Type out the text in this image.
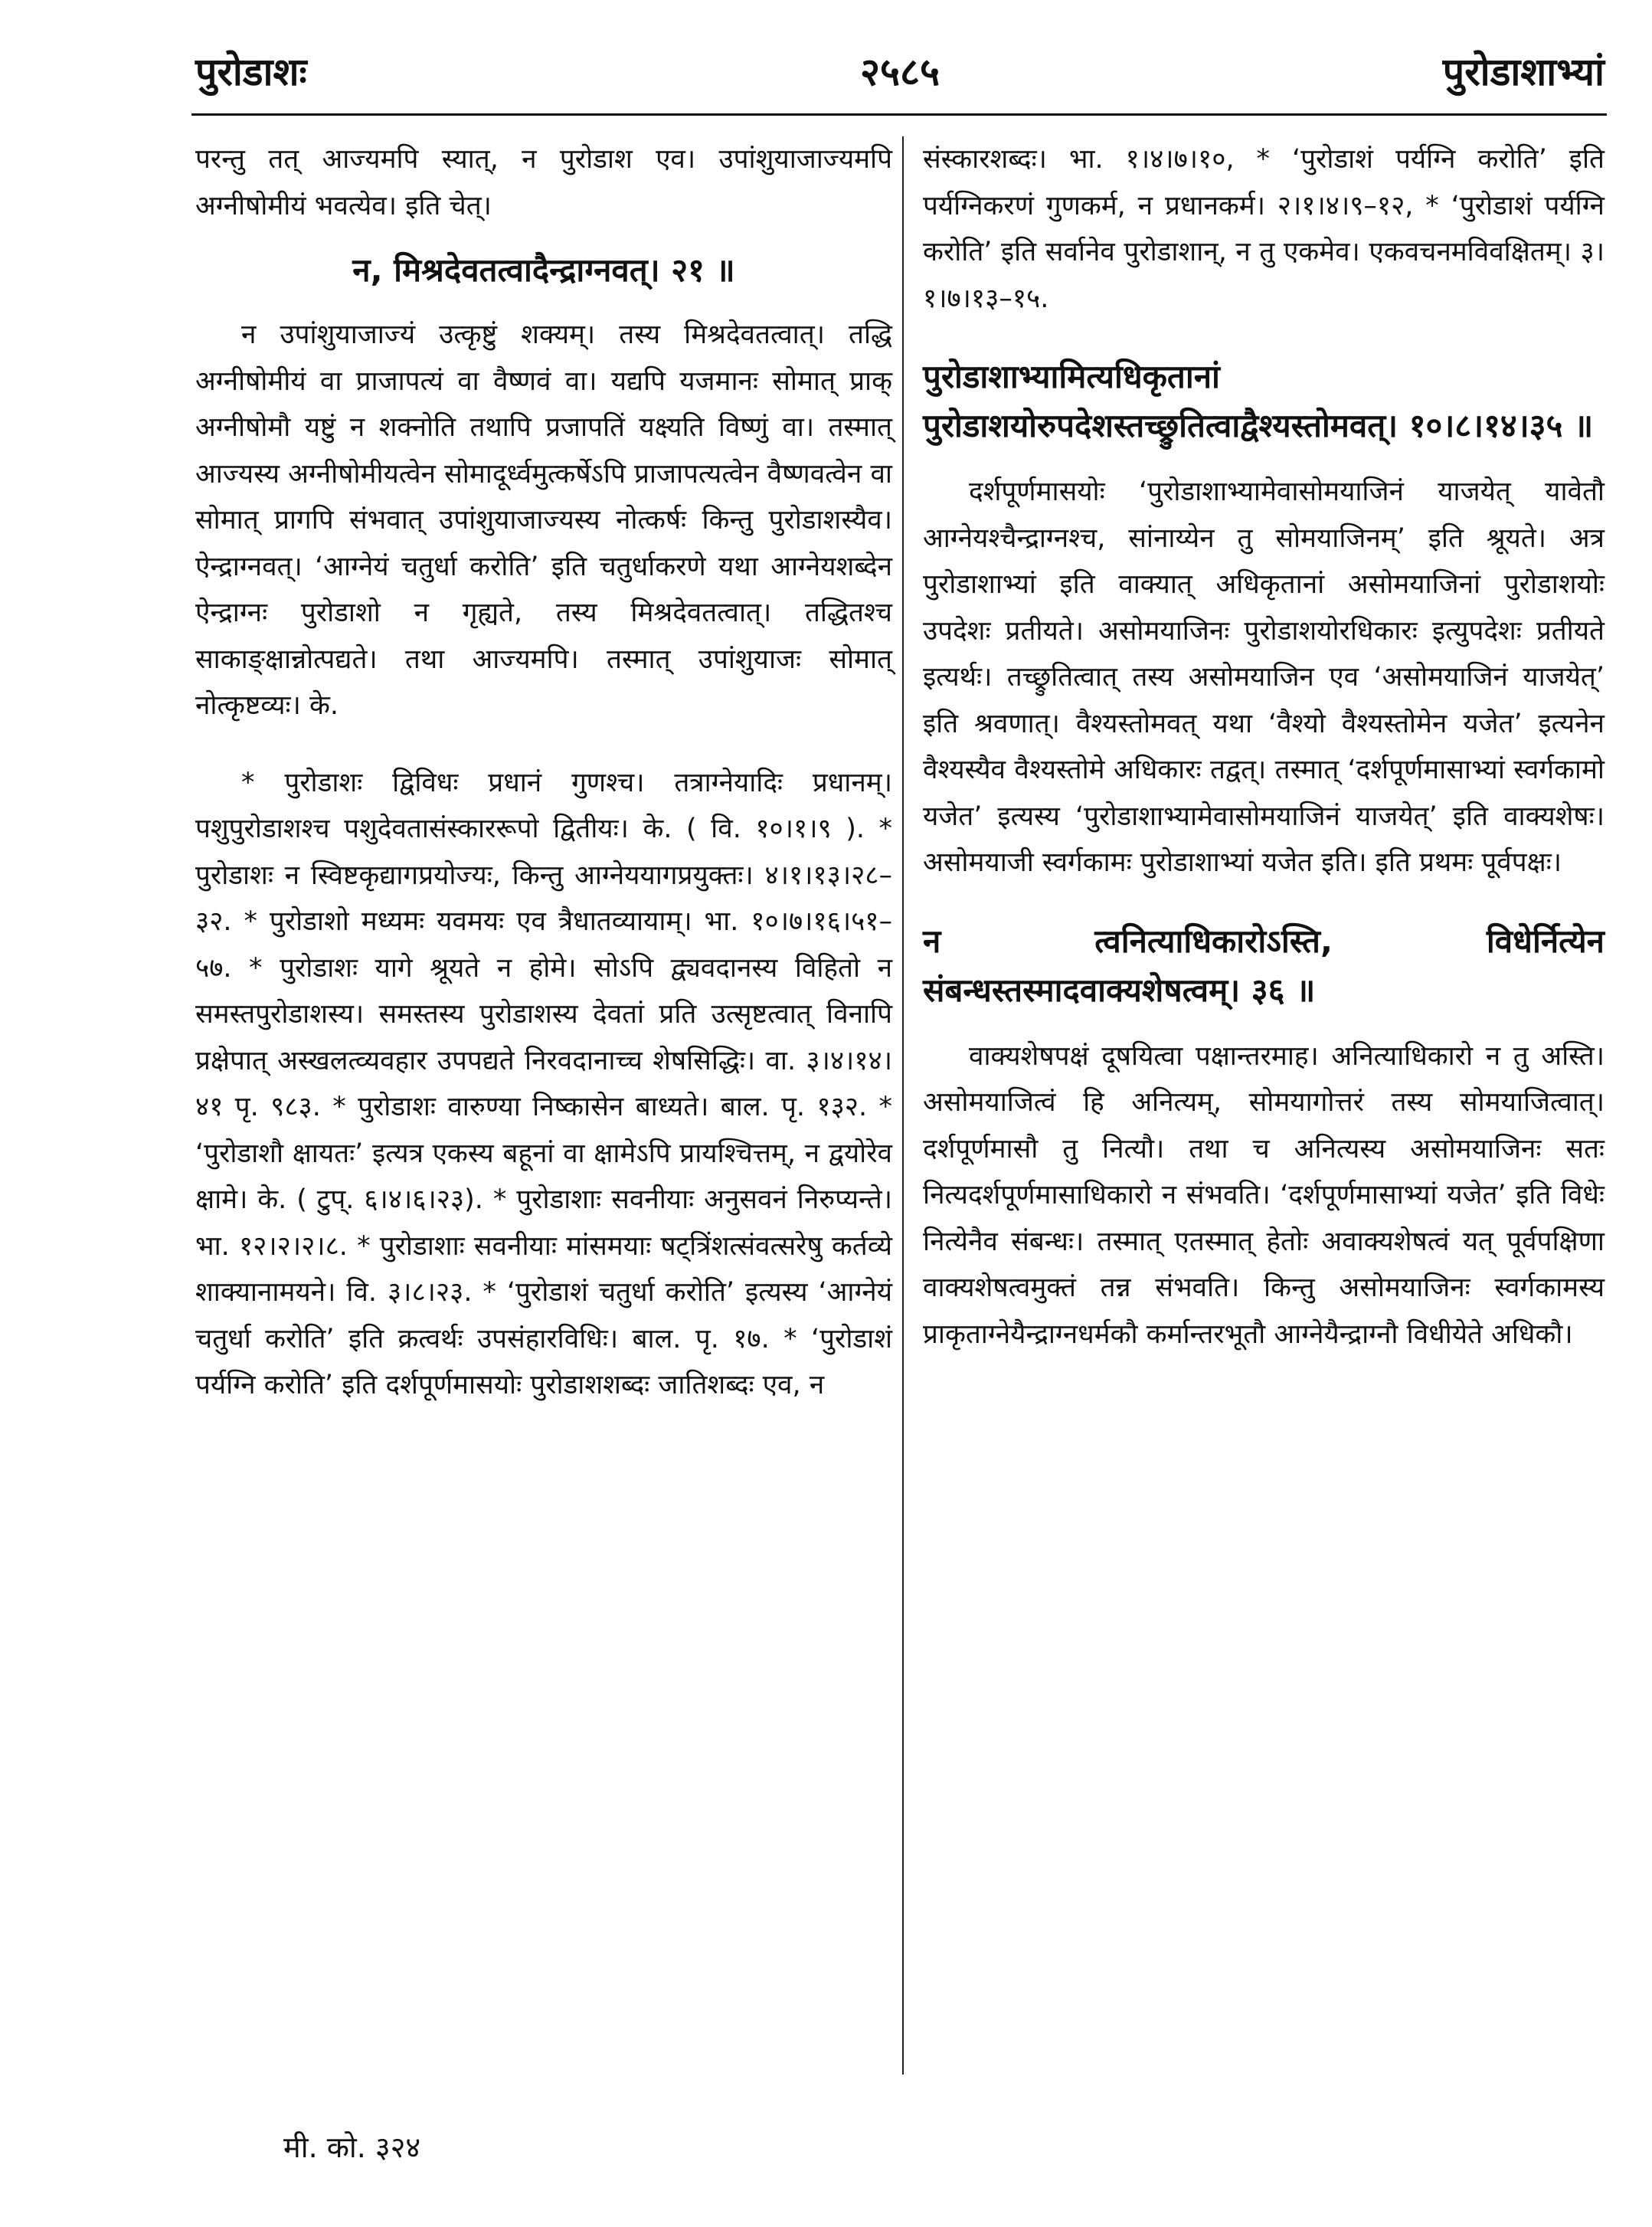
पुरोडाशः	२५८५	पुरोडाशाभ्यां

परन्तु तत् आज्यमपि स्यात्, न पुरोडाश एव। उपांशुयाजाज्यमपि अग्नीषोमीयं भवत्येव। इति चेत्।

न, मिश्रदेवतत्वादैन्द्राग्नवत्। २१ ॥

न उपांशुयाजाज्यं उत्कृष्टुं शक्यम्। तस्य मिश्रदेवतत्वात्। तद्धि अग्नीषोमीयं वा प्राजापत्यं वा वैष्णवं वा। यद्यपि यजमानः सोमात् प्राक् अग्नीषोमौ यष्टुं न शक्नोति तथापि प्रजापतिं यक्ष्यति विष्णुं वा। तस्मात् आज्यस्य अग्नीषोमीयत्वेन सोमादूर्ध्वमुत्कर्षेऽपि प्राजापत्यत्वेन वैष्णवत्वेन वा सोमात् प्रागपि संभवात् उपांशुयाजाज्यस्य नोत्कर्षः किन्तु पुरोडाशस्यैव। ऐन्द्राग्नवत्। ‘आग्नेयं चतुर्धा करोति’ इति चतुर्धाकरणे यथा आग्नेयशब्देन ऐन्द्राग्नः पुरोडाशो न गृह्यते, तस्य मिश्रदेवतत्वात्। तद्धितश्च साकाङ्क्षान्नोत्पद्यते। तथा आज्यमपि। तस्मात् उपांशुयाजः सोमात् नोत्कृष्टव्यः। के.

* पुरोडाशः द्विविधः प्रधानं गुणश्च। तत्राग्नेयादिः प्रधानम्। पशुपुरोडाशश्च पशुदेवतासंस्काररूपो द्वितीयः। के. ( वि. १०।१।९ ). * पुरोडाशः न स्विष्टकृद्यागप्रयोज्यः, किन्तु आग्नेययागप्रयुक्तः। ४।१।१३।२८–३२. * पुरोडाशो मध्यमः यवमयः एव त्रैधातव्यायाम्। भा. १०।७।१६।५१–५७. * पुरोडाशः यागे श्रूयते न होमे। सोऽपि द्व्यवदानस्य विहितो न समस्तपुरोडाशस्य। समस्तस्य पुरोडाशस्य देवतां प्रति उत्सृष्टत्वात् विनापि प्रक्षेपात् अस्खलत्व्यवहार उपपद्यते निरवदानाच्च शेषसिद्धिः। वा. ३।४।१४।४१ पृ. ९८३. * पुरोडाशः वारुण्या निष्कासेन बाध्यते। बाल. पृ. १३२. * ‘पुरोडाशौ क्षायतः’ इत्यत्र एकस्य बहूनां वा क्षामेऽपि प्रायश्चित्तम्, न द्वयोरेव क्षामे। के. ( टुप्. ६।४।६।२३). * पुरोडाशाः सवनीयाः अनुसवनं निरुप्यन्ते। भा. १२।२।२।८. * पुरोडाशाः सवनीयाः मांसमयाः षट्त्रिंशत्संवत्सरेषु कर्तव्ये शाक्यानामयने। वि. ३।८।२३. * ‘पुरोडाशं चतुर्धा करोति’ इत्यस्य ‘आग्नेयं चतुर्धा करोति’ इति क्रत्वर्थः उपसंहारविधिः। बाल. पृ. १७. * ‘पुरोडाशं पर्यग्नि करोति’ इति दर्शपूर्णमासयोः पुरोडाशशब्दः जातिशब्दः एव, न

संस्कारशब्दः। भा. १।४।७।१०, * ‘पुरोडाशं पर्यग्नि करोति’ इति पर्यग्निकरणं गुणकर्म, न प्रधानकर्म। २।१।४।९–१२, * ‘पुरोडाशं पर्यग्नि करोति’ इति सर्वानेव पुरोडाशान्, न तु एकमेव। एकवचनमविवक्षितम्। ३।१।७।१३–१५.

पुरोडाशाभ्यामित्यधिकृतानां पुरोडाशयोरुपदेशस्तच्छ्रुतित्वाद्वैश्यस्तोमवत्। १०।८।१४।३५ ॥

दर्शपूर्णमासयोः ‘पुरोडाशाभ्यामेवासोमयाजिनं याजयेत् यावेतौ आग्नेयश्चैन्द्राग्नश्च, सांनाय्येन तु सोमयाजिनम्’ इति श्रूयते। अत्र पुरोडाशाभ्यां इति वाक्यात् अधिकृतानां असोमयाजिनां पुरोडाशयोः उपदेशः प्रतीयते। असोमयाजिनः पुरोडाशयोरधिकारः इत्युपदेशः प्रतीयते इत्यर्थः। तच्छ्रुतित्वात् तस्य असोमयाजिन एव ‘असोमयाजिनं याजयेत्’ इति श्रवणात्। वैश्यस्तोमवत् यथा ‘वैश्यो वैश्यस्तोमेन यजेत’ इत्यनेन वैश्यस्यैव वैश्यस्तोमे अधिकारः तद्वत्। तस्मात् ‘दर्शपूर्णमासाभ्यां स्वर्गकामो यजेत’ इत्यस्य ‘पुरोडाशाभ्यामेवासोमयाजिनं याजयेत्’ इति वाक्यशेषः। असोमयाजी स्वर्गकामः पुरोडाशाभ्यां यजेत इति। इति प्रथमः पूर्वपक्षः।

न त्वनित्याधिकारोऽस्ति, विधेर्नित्येन संबन्धस्तस्मादवाक्यशेषत्वम्। ३६ ॥

वाक्यशेषपक्षं दूषयित्वा पक्षान्तरमाह। अनित्याधिकारो न तु अस्ति। असोमयाजित्वं हि अनित्यम्, सोमयागोत्तरं तस्य सोमयाजित्वात्। दर्शपूर्णमासौ तु नित्यौ। तथा च अनित्यस्य असोमयाजिनः सतः नित्यदर्शपूर्णमासाधिकारो न संभवति। ‘दर्शपूर्णमासाभ्यां यजेत’ इति विधेः नित्येनैव संबन्धः। तस्मात् एतस्मात् हेतोः अवाक्यशेषत्वं यत् पूर्वपक्षिणा वाक्यशेषत्वमुक्तं तन्न संभवति। किन्तु असोमयाजिनः स्वर्गकामस्य प्राकृताग्नेयैन्द्राग्नधर्मकौ कर्मान्तरभूतौ आग्नेयैन्द्राग्नौ विधीयेते अधिकौ।

मी. को. ३२४
